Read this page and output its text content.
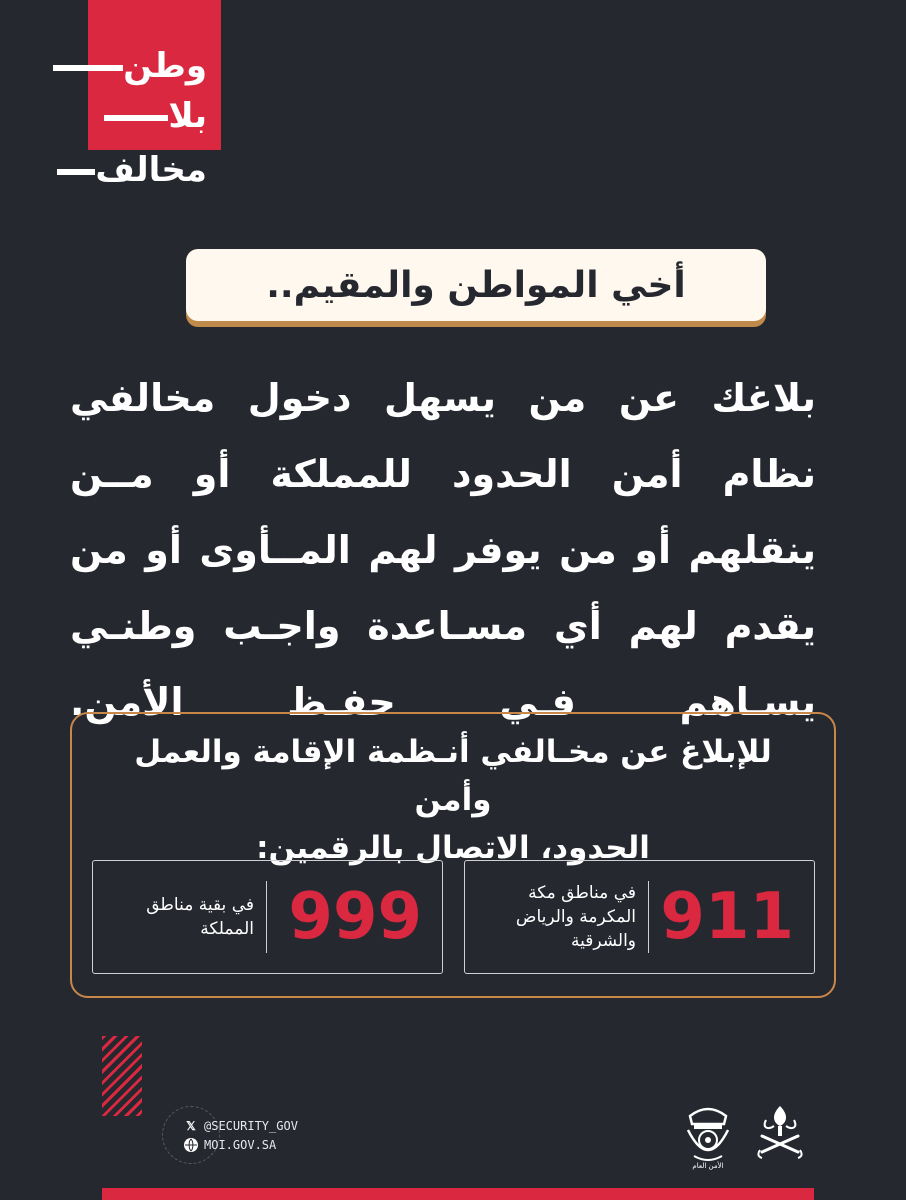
وطن
بلا
مخالف
أخي المواطن والمقيم..
بلاغك عن من يسهل دخول مخالفي نظام أمن الحدود للمملكة أو مــن ينقلهم أو من يوفر لهم المــأوى أو من يقدم لهم أي مسـاعدة واجـب وطنـي يسـاهم فـي حفـظ الأمن.
للإبلاغ عن مخـالفي أنـظمة الإقامة والعمل وأمن
الحدود، الاتصال بالرقمين:
911
في مناطق مكة المكرمة والرياض والشرقية
999
في بقية مناطق المملكة
𝕏 @SECURITY_GOV
MOI.GOV.SA
الأمن العام
